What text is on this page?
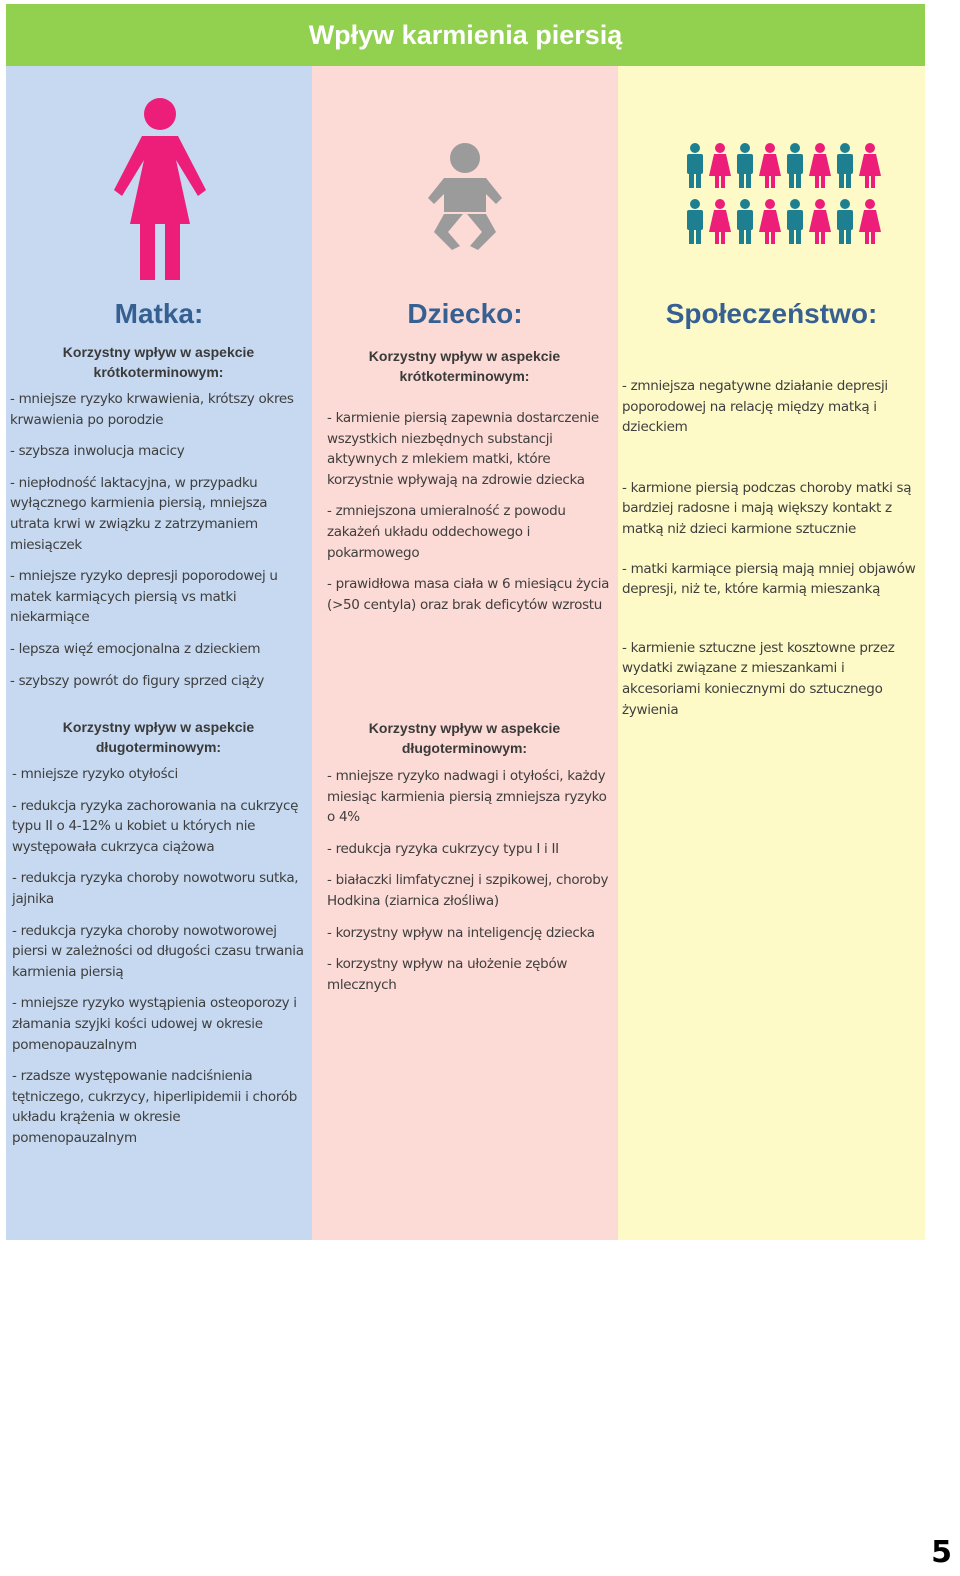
Wpływ karmienia piersią
Matka:
Korzystny wpływ w aspekcie krótkoterminowym:
- mniejsze ryzyko krwawienia, krótszy okres krwawienia po porodzie
- szybsza inwolucja macicy
- niepłodność laktacyjna, w przypadku wyłącznego karmienia piersią, mniejsza utrata krwi w związku z zatrzymaniem miesiączek
- mniejsze ryzyko depresji poporodowej u matek karmiących piersią vs matki niekarmiące
- lepsza więź emocjonalna z dzieckiem
- szybszy powrót do figury sprzed ciąży
Korzystny wpływ w aspekcie długoterminowym:
- mniejsze ryzyko otyłości
- redukcja ryzyka zachorowania na cukrzycę typu II o 4-12% u kobiet u których nie występowała cukrzyca ciążowa
- redukcja ryzyka choroby nowotworu sutka, jajnika
- redukcja ryzyka choroby nowotworowej piersi w zależności od długości czasu trwania karmienia piersią
- mniejsze ryzyko wystąpienia osteoporozy i złamania szyjki kości udowej w okresie pomenopauzalnym
- rzadsze występowanie nadciśnienia tętniczego, cukrzycy, hiperlipidemii i chorób układu krążenia w okresie pomenopauzalnym
Dziecko:
Korzystny wpływ w aspekcie krótkoterminowym:
- karmienie piersią zapewnia dostarczenie wszystkich niezbędnych substancji aktywnych z mlekiem matki, które korzystnie wpływają na zdrowie dziecka
- zmniejszona umieralność z powodu zakażeń układu oddechowego i pokarmowego
- prawidłowa masa ciała w 6 miesiącu życia (>50 centyla) oraz brak deficytów wzrostu
Korzystny wpływ w aspekcie długoterminowym:
- mniejsze ryzyko nadwagi i otyłości, każdy miesiąc karmienia piersią zmniejsza ryzyko o 4%
- redukcja ryzyka cukrzycy typu I i II
- białaczki limfatycznej i szpikowej, choroby Hodkina (ziarnica złośliwa)
- korzystny wpływ na inteligencję dziecka
- korzystny wpływ na ułożenie zębów mlecznych
Społeczeństwo:
- zmniejsza negatywne działanie depresji poporodowej na relację między matką i dzieckiem
- karmione piersią podczas choroby matki są bardziej radosne i mają większy kontakt z matką niż dzieci karmione sztucznie
- matki karmiące piersią mają mniej objawów depresji, niż te, które karmią mieszanką
- karmienie sztuczne jest kosztowne przez wydatki związane z mieszankami i akcesoriami koniecznymi do sztucznego żywienia
5
